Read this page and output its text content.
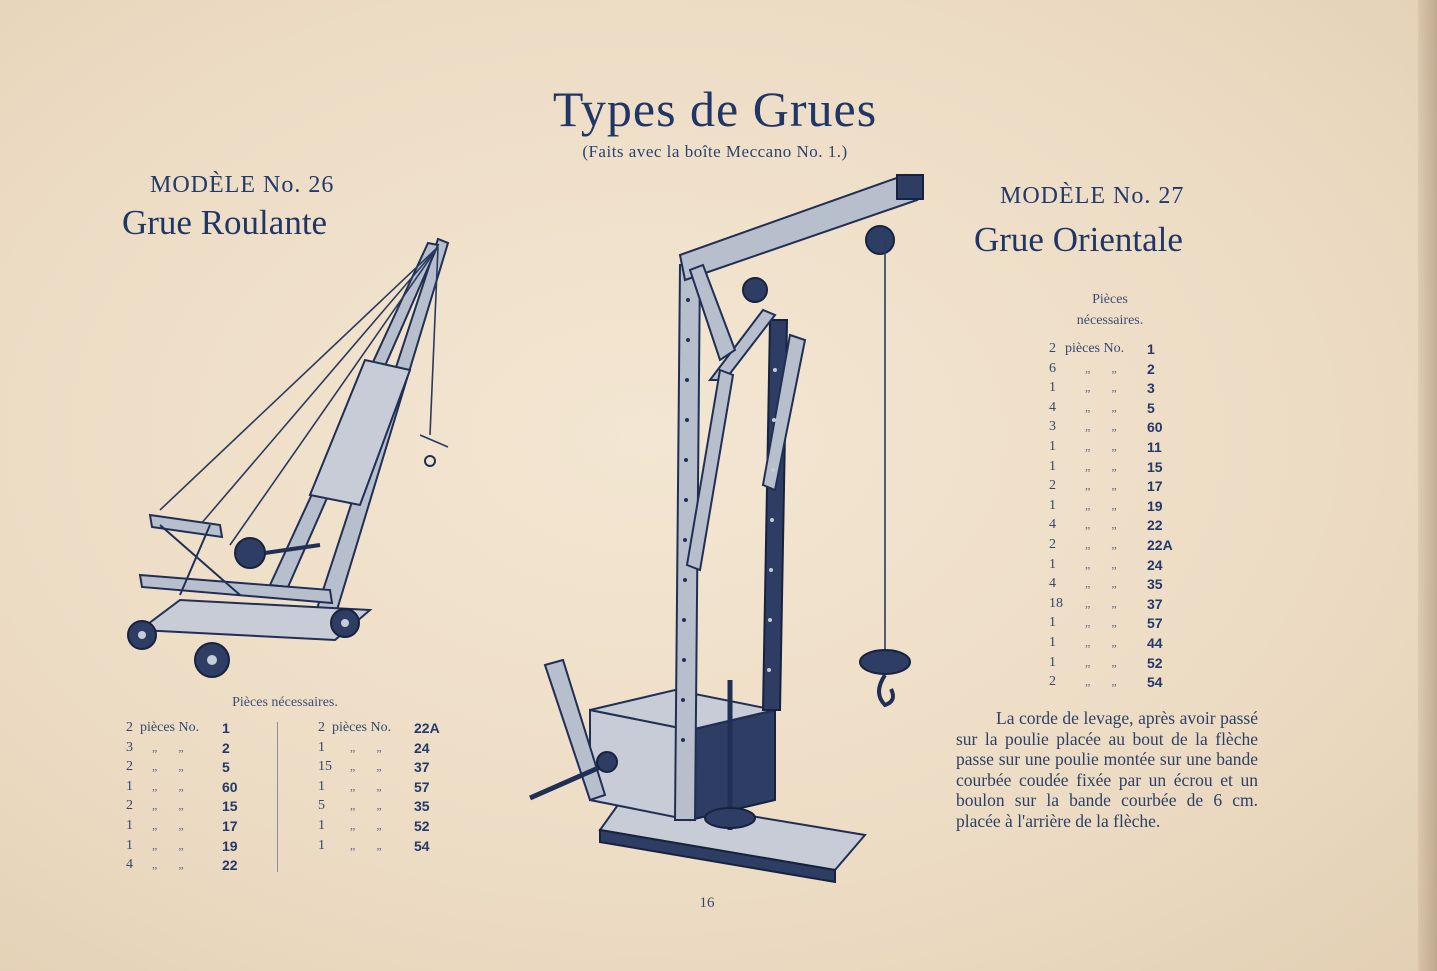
Types de Grues
(Faits avec la boîte Meccano No. 1.)
MODÈLE No. 26
Grue Roulante
Pièces nécessaires.
2 pièces No. 1
3 „ „	2
2 „ „	5
1 „ „	60
2 „ „	15
1 „ „	17
1 „ „	19
4 „ „	22
2 pièces No. 22A
1 „ „ 24
15 „ „ 37
1 „ „ 57
5 „ „ 35
1 „ „ 52
1 „ „ 54
16
MODÈLE No. 27
Grue Orientale
Pièces
nécessaires.
2 pièces No. 1
6 „ „ 2
1 „ „ 3
4 „ „ 5
3 „ „ 60
1 „ „ 11
1 „ „ 15
2 „ „ 17
1 „ „ 19
4 „ „ 22
2 „ „ 22A
1 „ „ 24
4 „ „ 35
18 „ „ 37
1 „ „ 57
1 „ „ 44
1 „ „ 52
2 „ „ 54
La corde de levage, après avoir passé sur la poulie placée au bout de la flèche passe sur une poulie montée sur une bande courbée coudée fixée par un écrou et un boulon sur la bande courbée de 6 cm. placée à l'arrière de la flèche.
